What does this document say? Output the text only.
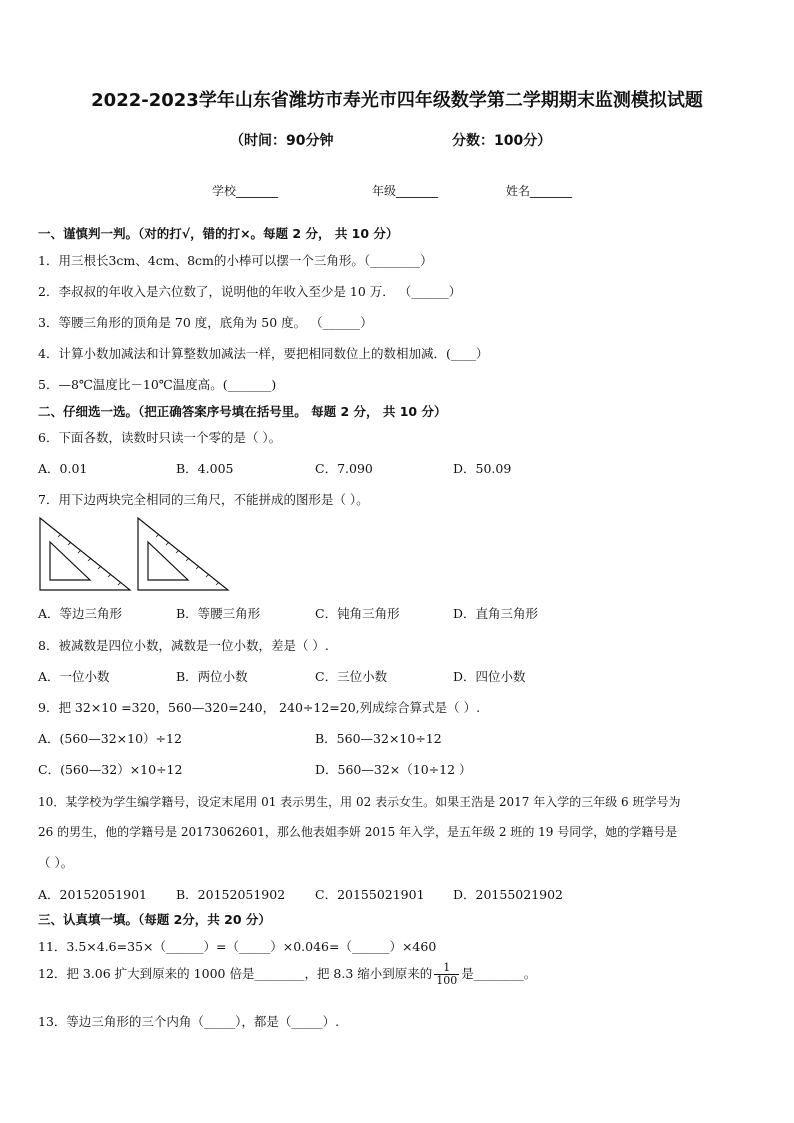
2022-2023学年山东省潍坊市寿光市四年级数学第二学期期末监测模拟试题
（时间：90分钟	分数：100分）
学校_______	年级_______	姓名_______
一、谨慎判一判。（对的打√，错的打×。每题 2 分， 共 10 分）
1．用三根长3cm、4cm、8cm的小棒可以摆一个三角形。（________）
2．李叔叔的年收入是六位数了，说明他的年收入至少是 10 万． （______）
3．等腰三角形的顶角是 70 度，底角为 50 度。 （______）
4．计算小数加减法和计算整数加减法一样，要把相同数位上的数相加减．(____）
5．—8℃温度比－10℃温度高。(_______)
二、仔细选一选。（把正确答案序号填在括号里。 每题 2 分， 共 10 分）
6．下面各数，读数时只读一个零的是（ ）。
A．0.01	B．4.005	C．7.090	D．50.09
7．用下边两块完全相同的三角尺，不能拼成的图形是（ ）。
A．等边三角形	B．等腰三角形	C．钝角三角形	D．直角三角形
8．被减数是四位小数，减数是一位小数，差是（ ）.
A．一位小数	B．两位小数	C．三位小数	D．四位小数
9．把 32×10 =320，560—320=240， 240÷12=20,列成综合算式是（ ）.
A．(560—32×10）÷12	B．560—32×10÷12
C．(560—32）×10÷12	D．560—32×（10÷12 ）
10．某学校为学生编学籍号，设定末尾用 01 表示男生，用 02 表示女生。如果王浩是 2017 年入学的三年级 6 班学号为
26 的男生，他的学籍号是 20173062601，那么他表姐李妍 2015 年入学，是五年级 2 班的 19 号同学，她的学籍号是
（ ）。
A．20152051901 B．20152051902 C．20155021901 D．20155021902
三、认真填一填。（每题 2分，共 20 分）
11．3.5×4.6=35×（______）=（_____）×0.046=（______）×460
12．把 3.06 扩大到原来的 1000 倍是________，把 8.3 缩小到原来的 $\frac{1}{100}$ 是________。
13．等边三角形的三个内角（_____），都是（_____）.
